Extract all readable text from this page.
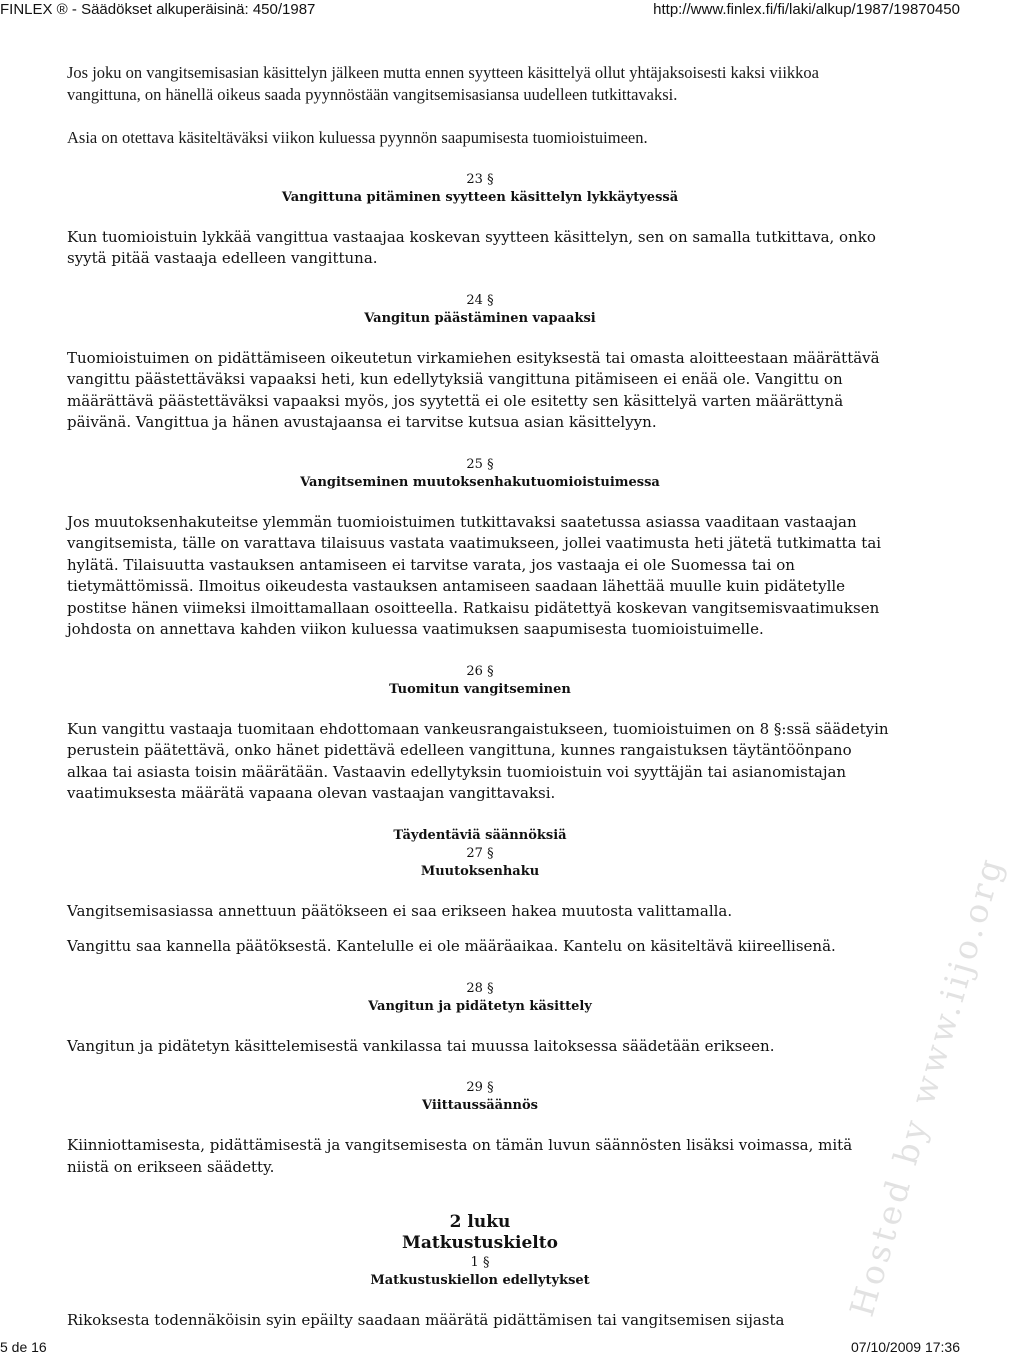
FINLEX ® - Säädökset alkuperäisinä: 450/1987	http://www.finlex.fi/fi/laki/alkup/1987/19870450

Jos joku on vangitsemisasian käsittelyn jälkeen mutta ennen syytteen käsittelyä ollut yhtäjaksoisesti kaksi viikkoa vangittuna, on hänellä oikeus saada pyynnöstään vangitsemisasiansa uudelleen tutkittavaksi.

Asia on otettava käsiteltäväksi viikon kuluessa pyynnön saapumisesta tuomioistuimeen.

23 §
Vangittuna pitäminen syytteen käsittelyn lykkäytyessä

Kun tuomioistuin lykkää vangittua vastaajaa koskevan syytteen käsittelyn, sen on samalla tutkittava, onko syytä pitää vastaaja edelleen vangittuna.

24 §
Vangitun päästäminen vapaaksi

Tuomioistuimen on pidättämiseen oikeutetun virkamiehen esityksestä tai omasta aloitteestaan määrättävä vangittu päästettäväksi vapaaksi heti, kun edellytyksiä vangittuna pitämiseen ei enää ole. Vangittu on määrättävä päästettäväksi vapaaksi myös, jos syytettä ei ole esitetty sen käsittelyä varten määrättynä päivänä. Vangittua ja hänen avustajaansa ei tarvitse kutsua asian käsittelyyn.

25 §
Vangitseminen muutoksenhakutuomioistuimessa

Jos muutoksenhakuteitse ylemmän tuomioistuimen tutkittavaksi saatetussa asiassa vaaditaan vastaajan vangitsemista, tälle on varattava tilaisuus vastata vaatimukseen, jollei vaatimusta heti jätetä tutkimatta tai hylätä. Tilaisuutta vastauksen antamiseen ei tarvitse varata, jos vastaaja ei ole Suomessa tai on tietymättömissä. Ilmoitus oikeudesta vastauksen antamiseen saadaan lähettää muulle kuin pidätetylle postitse hänen viimeksi ilmoittamallaan osoitteella. Ratkaisu pidätettyä koskevan vangitsemisvaatimuksen johdosta on annettava kahden viikon kuluessa vaatimuksen saapumisesta tuomioistuimelle.

26 §
Tuomitun vangitseminen

Kun vangittu vastaaja tuomitaan ehdottomaan vankeusrangaistukseen, tuomioistuimen on 8 §:ssä säädetyin perustein päätettävä, onko hänet pidettävä edelleen vangittuna, kunnes rangaistuksen täytäntöönpano alkaa tai asiasta toisin määrätään. Vastaavin edellytyksin tuomioistuin voi syyttäjän tai asianomistajan vaatimuksesta määrätä vapaana olevan vastaajan vangittavaksi.

Täydentäviä säännöksiä
27 §
Muutoksenhaku

Vangitsemisasiassa annettuun päätökseen ei saa erikseen hakea muutosta valittamalla.

Vangittu saa kannella päätöksestä. Kantelulle ei ole määräaikaa. Kantelu on käsiteltävä kiireellisenä.

28 §
Vangitun ja pidätetyn käsittely

Vangitun ja pidätetyn käsittelemisestä vankilassa tai muussa laitoksessa säädetään erikseen.

29 §
Viittaussäännös

Kiinniottamisesta, pidättämisestä ja vangitsemisesta on tämän luvun säännösten lisäksi voimassa, mitä niistä on erikseen säädetty.

2 luku
Matkustuskielto
1 §
Matkustuskiellon edellytykset

Rikoksesta todennäköisin syin epäilty saadaan määrätä pidättämisen tai vangitsemisen sijasta	Hosted by www.iijo.org
5 de 16	07/10/2009 17:36
